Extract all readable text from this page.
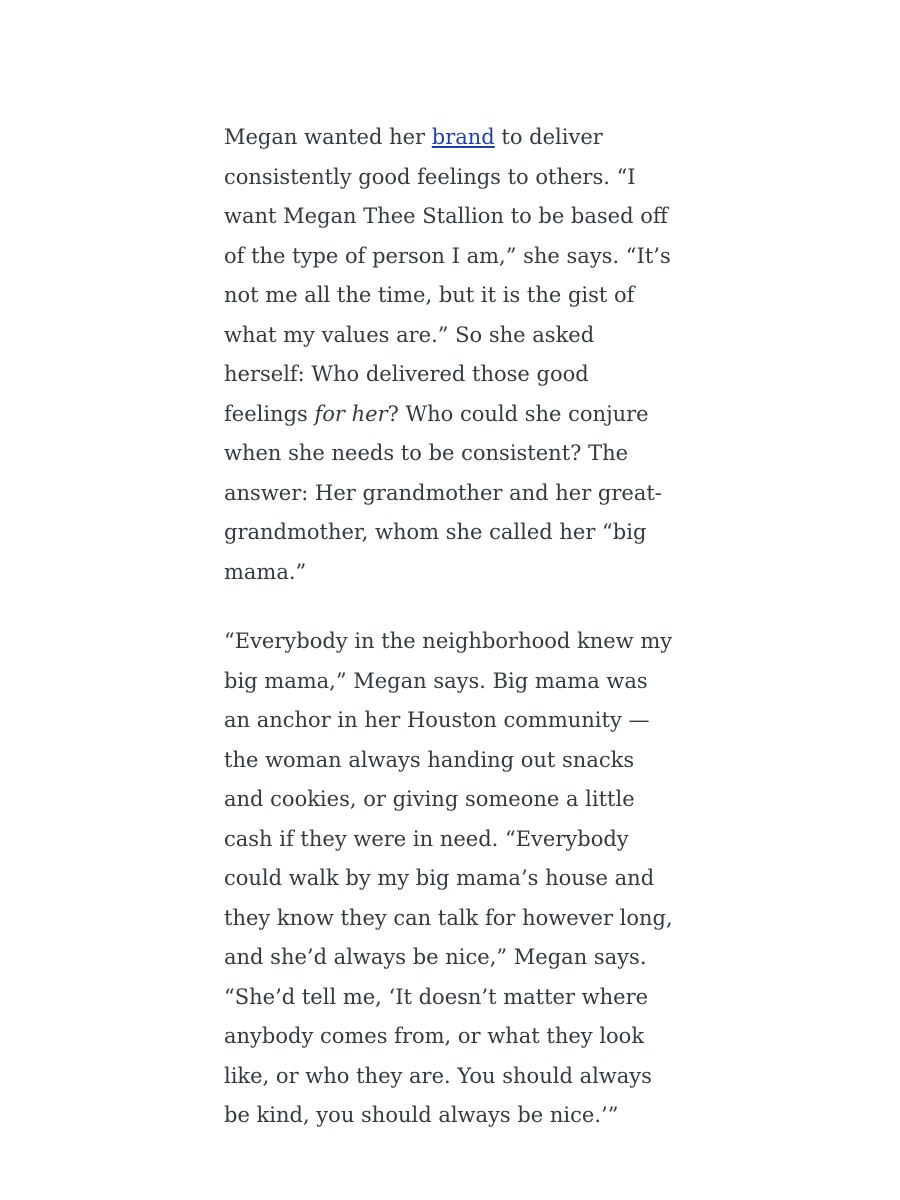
Megan wanted her brand to deliver consistently good feelings to others. “I want Megan Thee Stallion to be based off of the type of person I am,” she says. “It’s not me all the time, but it is the gist of what my values are.” So she asked herself: Who delivered those good feelings for her? Who could she conjure when she needs to be consistent? The answer: Her grandmother and her great-grandmother, whom she called her “big mama.”

“Everybody in the neighborhood knew my big mama,” Megan says. Big mama was an anchor in her Houston community — the woman always handing out snacks and cookies, or giving someone a little cash if they were in need. “Everybody could walk by my big mama’s house and they know they can talk for however long, and she’d always be nice,” Megan says. “She’d tell me, ‘It doesn’t matter where anybody comes from, or what they look like, or who they are. You should always be kind, you should always be nice.’”
